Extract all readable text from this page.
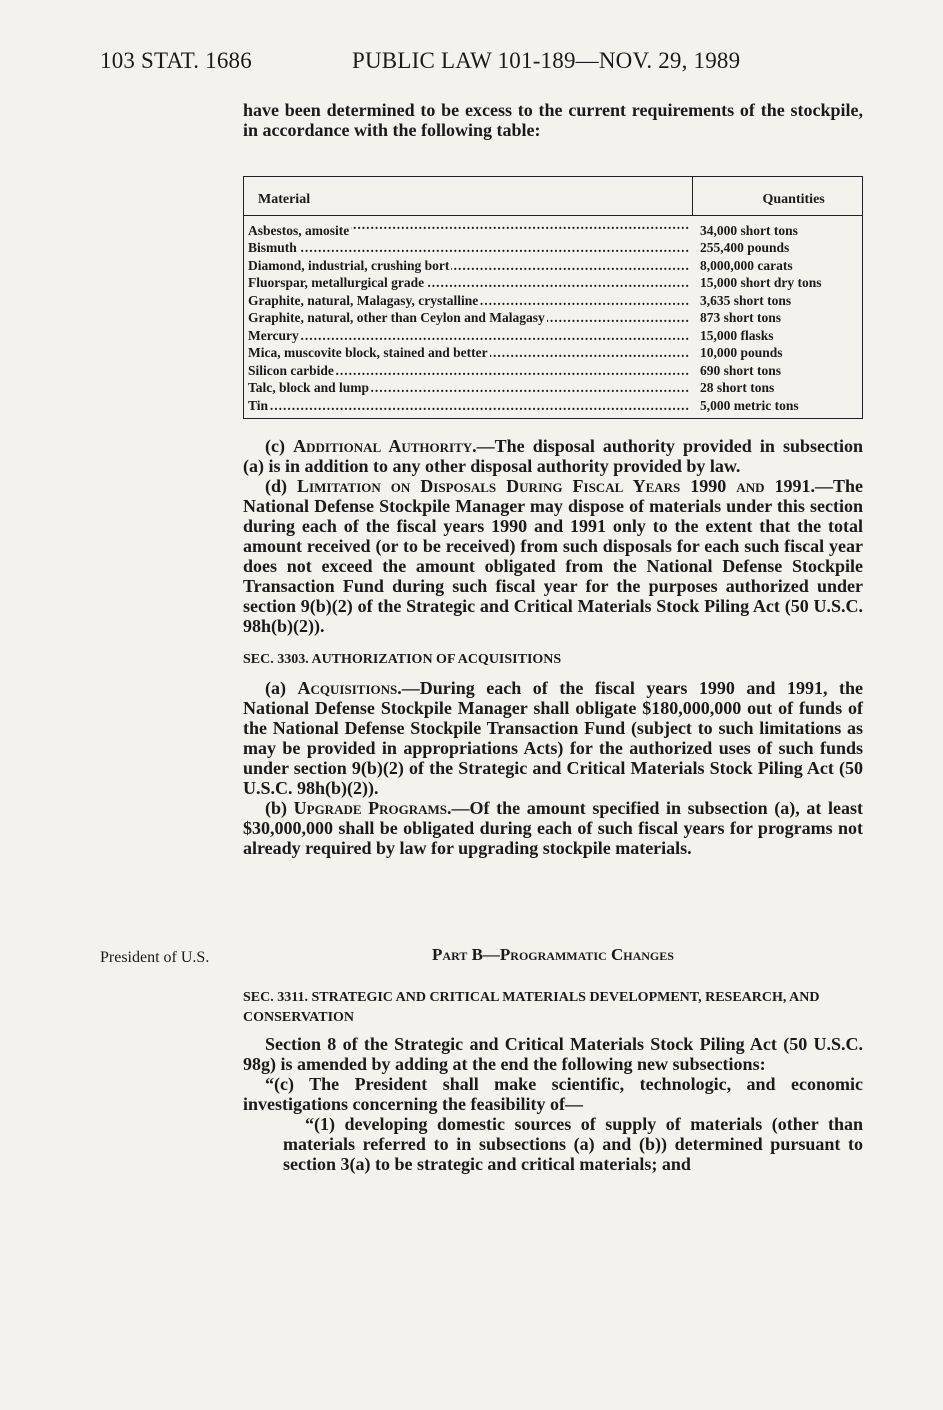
103 STAT. 1686	PUBLIC LAW 101-189—NOV. 29, 1989

have been determined to be excess to the current requirements of the stockpile, in accordance with the following table:

Material	Quantities
Asbestos, amosite .....	34,000 short tons
Bismuth .....	255,400 pounds
Diamond, industrial, crushing bort .....	8,000,000 carats
Fluorspar, metallurgical grade .....	15,000 short dry tons
Graphite, natural, Malagasy, crystalline .....	3,635 short tons
Graphite, natural, other than Ceylon and Malagasy .....	873 short tons
Mercury .....	15,000 flasks
Mica, muscovite block, stained and better .....	10,000 pounds
Silicon carbide .....	690 short tons
Talc, block and lump .....	28 short tons
Tin .....	5,000 metric tons

(c) Additional Authority.—The disposal authority provided in subsection (a) is in addition to any other disposal authority provided by law.

(d) Limitation on Disposals During Fiscal Years 1990 and 1991.—The National Defense Stockpile Manager may dispose of materials under this section during each of the fiscal years 1990 and 1991 only to the extent that the total amount received (or to be received) from such disposals for each such fiscal year does not exceed the amount obligated from the National Defense Stockpile Transaction Fund during such fiscal year for the purposes authorized under section 9(b)(2) of the Strategic and Critical Materials Stock Piling Act (50 U.S.C. 98h(b)(2)).

SEC. 3303. AUTHORIZATION OF ACQUISITIONS

(a) Acquisitions.—During each of the fiscal years 1990 and 1991, the National Defense Stockpile Manager shall obligate $180,000,000 out of funds of the National Defense Stockpile Transaction Fund (subject to such limitations as may be provided in appropriations Acts) for the authorized uses of such funds under section 9(b)(2) of the Strategic and Critical Materials Stock Piling Act (50 U.S.C. 98h(b)(2)).

(b) Upgrade Programs.—Of the amount specified in subsection (a), at least $30,000,000 shall be obligated during each of such fiscal years for programs not already required by law for upgrading stockpile materials.

President of U.S.	Part B—Programmatic Changes

SEC. 3311. STRATEGIC AND CRITICAL MATERIALS DEVELOPMENT, RESEARCH, AND CONSERVATION

Section 8 of the Strategic and Critical Materials Stock Piling Act (50 U.S.C. 98g) is amended by adding at the end the following new subsections:

“(c) The President shall make scientific, technologic, and economic investigations concerning the feasibility of—

“(1) developing domestic sources of supply of materials (other than materials referred to in subsections (a) and (b)) determined pursuant to section 3(a) to be strategic and critical materials; and
